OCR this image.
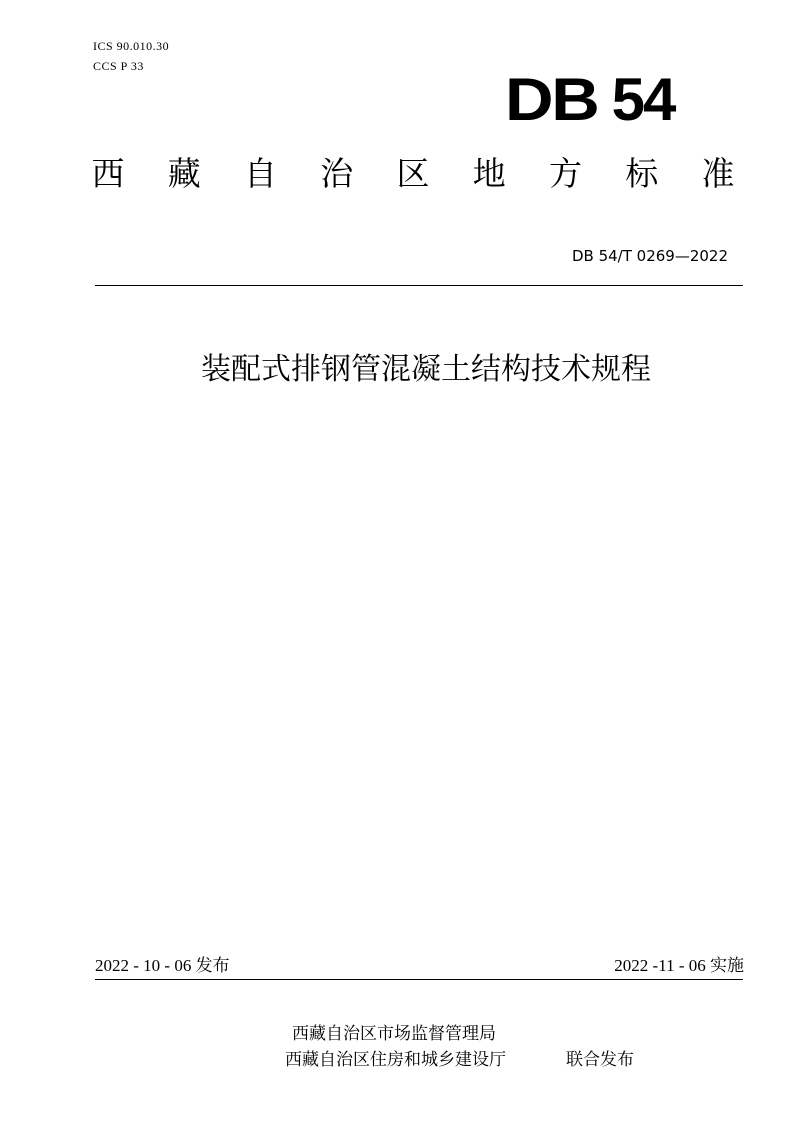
ICS 90.010.30
CCS P 33	DB 54
西 藏 自 治 区 地 方 标 准
DB 54/T 0269—2022
装配式排钢管混凝土结构技术规程
2022 - 10 - 06 发布	2022 -11 - 06 实施
西藏自治区市场监督管理局
西藏自治区住房和城乡建设厅	联合发布
